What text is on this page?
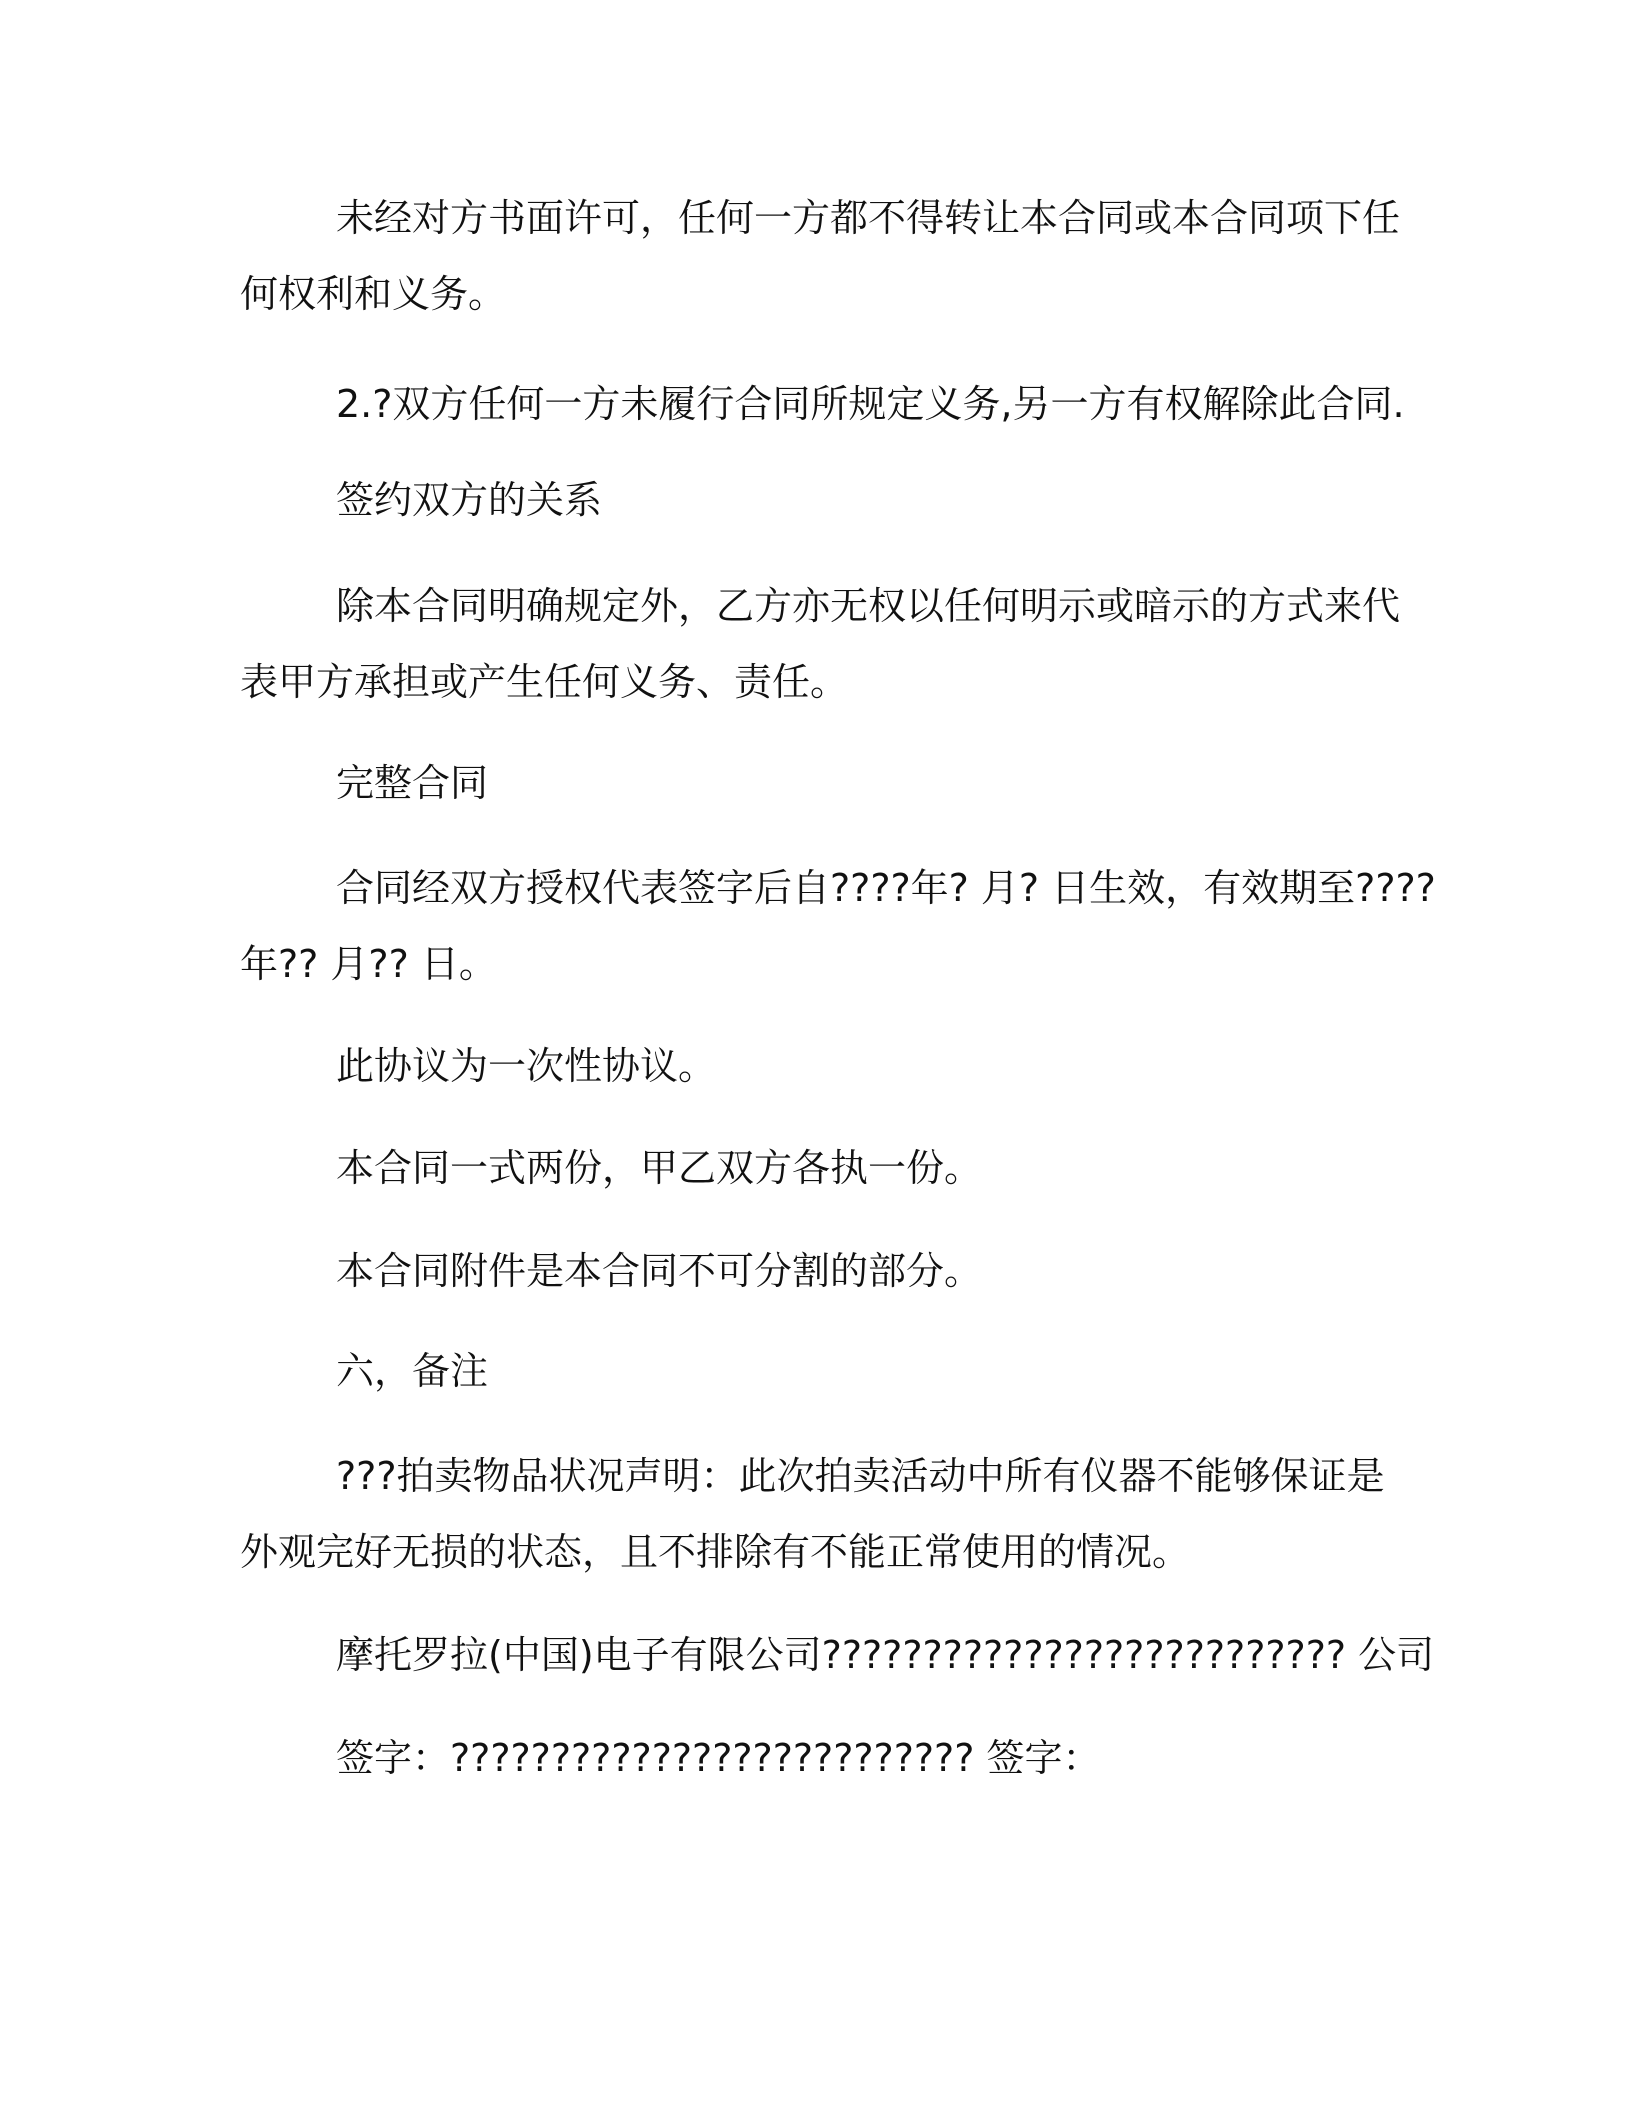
未经对方书面许可，任何一方都不得转让本合同或本合同项下任
何权利和义务。
2.?双方任何一方未履行合同所规定义务,另一方有权解除此合同.
签约双方的关系
除本合同明确规定外，乙方亦无权以任何明示或暗示的方式来代
表甲方承担或产生任何义务、责任。
完整合同
合同经双方授权代表签字后自????年? 月? 日生效，有效期至????
年?? 月?? 日。
此协议为一次性协议。
本合同一式两份，甲乙双方各执一份。
本合同附件是本合同不可分割的部分。
六，备注
???拍卖物品状况声明：此次拍卖活动中所有仪器不能够保证是
外观完好无损的状态，且不排除有不能正常使用的情况。
摩托罗拉(中国)电子有限公司?????????????????????????? 公司
签字：?????????????????????????? 签字：
